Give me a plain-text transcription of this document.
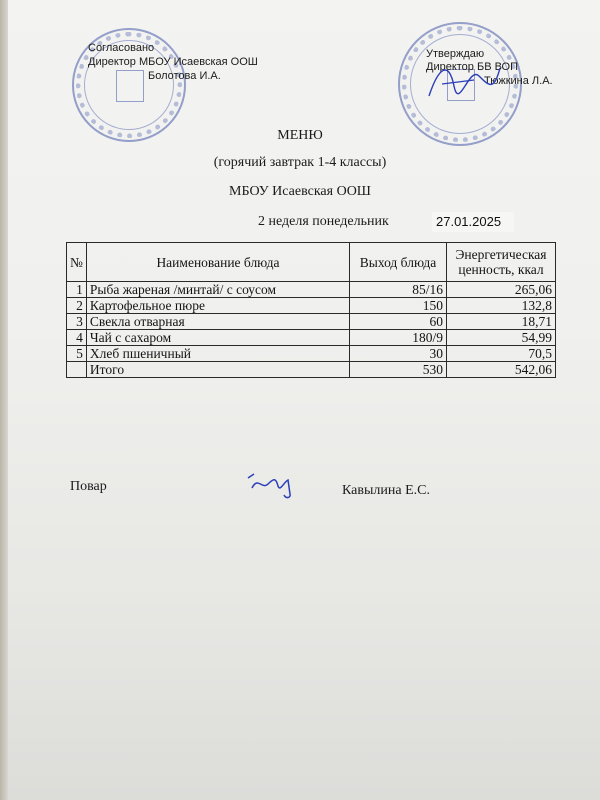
Согласовано
Директор МБОУ Исаевская ООШ
Болотова И.А.
Утверждаю
Директор БВ ВОП
Тюжкина Л.А.
МЕНЮ
(горячий завтрак 1-4 классы)
МБОУ Исаевская ООШ
2 неделя понедельник	27.01.2025
№	Наименование блюда	Выход блюда	Энергетическая ценность, ккал
1	Рыба жареная /минтай/ с соусом	85/16	265,06
2	Картофельное пюре	150	132,8
3	Свекла отварная	60	18,71
4	Чай с сахаром	180/9	54,99
5	Хлеб пшеничный	30	70,5
	Итого	530	542,06
Повар	Кавылина Е.С.
